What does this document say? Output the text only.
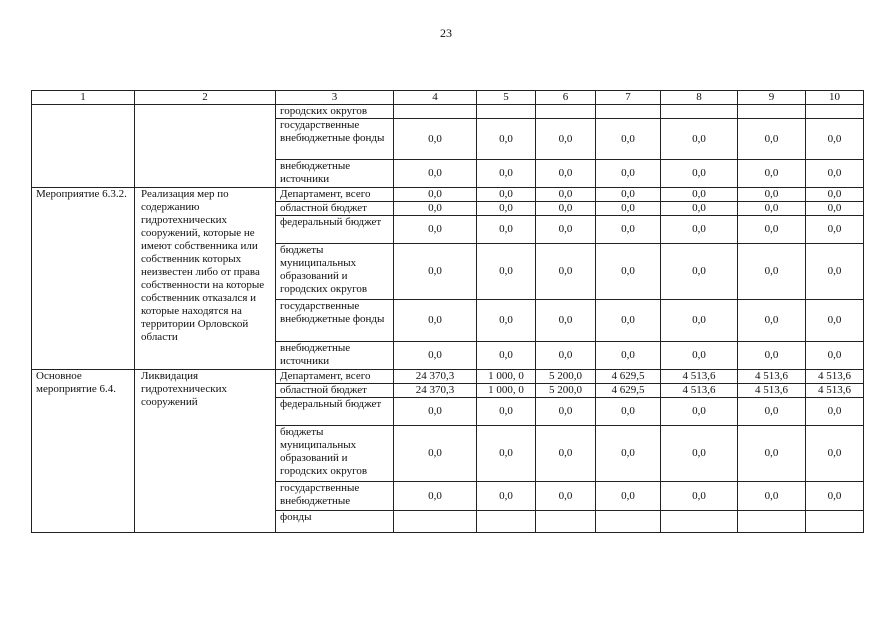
23
1	2	3	4	5	6	7	8	9	10
		городских округов							
		государственные внебюджетные фонды	0,0	0,0	0,0	0,0	0,0	0,0	0,0
		внебюджетные источники	0,0	0,0	0,0	0,0	0,0	0,0	0,0
Мероприятие 6.3.2.	Реализация мер по содержанию гидротехнических сооружений, которые не имеют собственника или собственник которых неизвестен либо от права собственности на которые собственник отказался и которые находятся на территории Орловской области	Департамент, всего	0,0	0,0	0,0	0,0	0,0	0,0	0,0
		областной бюджет	0,0	0,0	0,0	0,0	0,0	0,0	0,0
		федеральный бюджет	0,0	0,0	0,0	0,0	0,0	0,0	0,0
		бюджеты муниципальных образований и городских округов	0,0	0,0	0,0	0,0	0,0	0,0	0,0
		государственные внебюджетные фонды	0,0	0,0	0,0	0,0	0,0	0,0	0,0
		внебюджетные источники	0,0	0,0	0,0	0,0	0,0	0,0	0,0
Основное мероприятие 6.4.	Ликвидация гидротехнических сооружений	Департамент, всего	24 370,3	1 000, 0	5 200,0	4 629,5	4 513,6	4 513,6	4 513,6
		областной бюджет	24 370,3	1 000, 0	5 200,0	4 629,5	4 513,6	4 513,6	4 513,6
		федеральный бюджет	0,0	0,0	0,0	0,0	0,0	0,0	0,0
		бюджеты муниципальных образований и городских округов	0,0	0,0	0,0	0,0	0,0	0,0	0,0
		государственные внебюджетные	0,0	0,0	0,0	0,0	0,0	0,0	0,0
		фонды							
